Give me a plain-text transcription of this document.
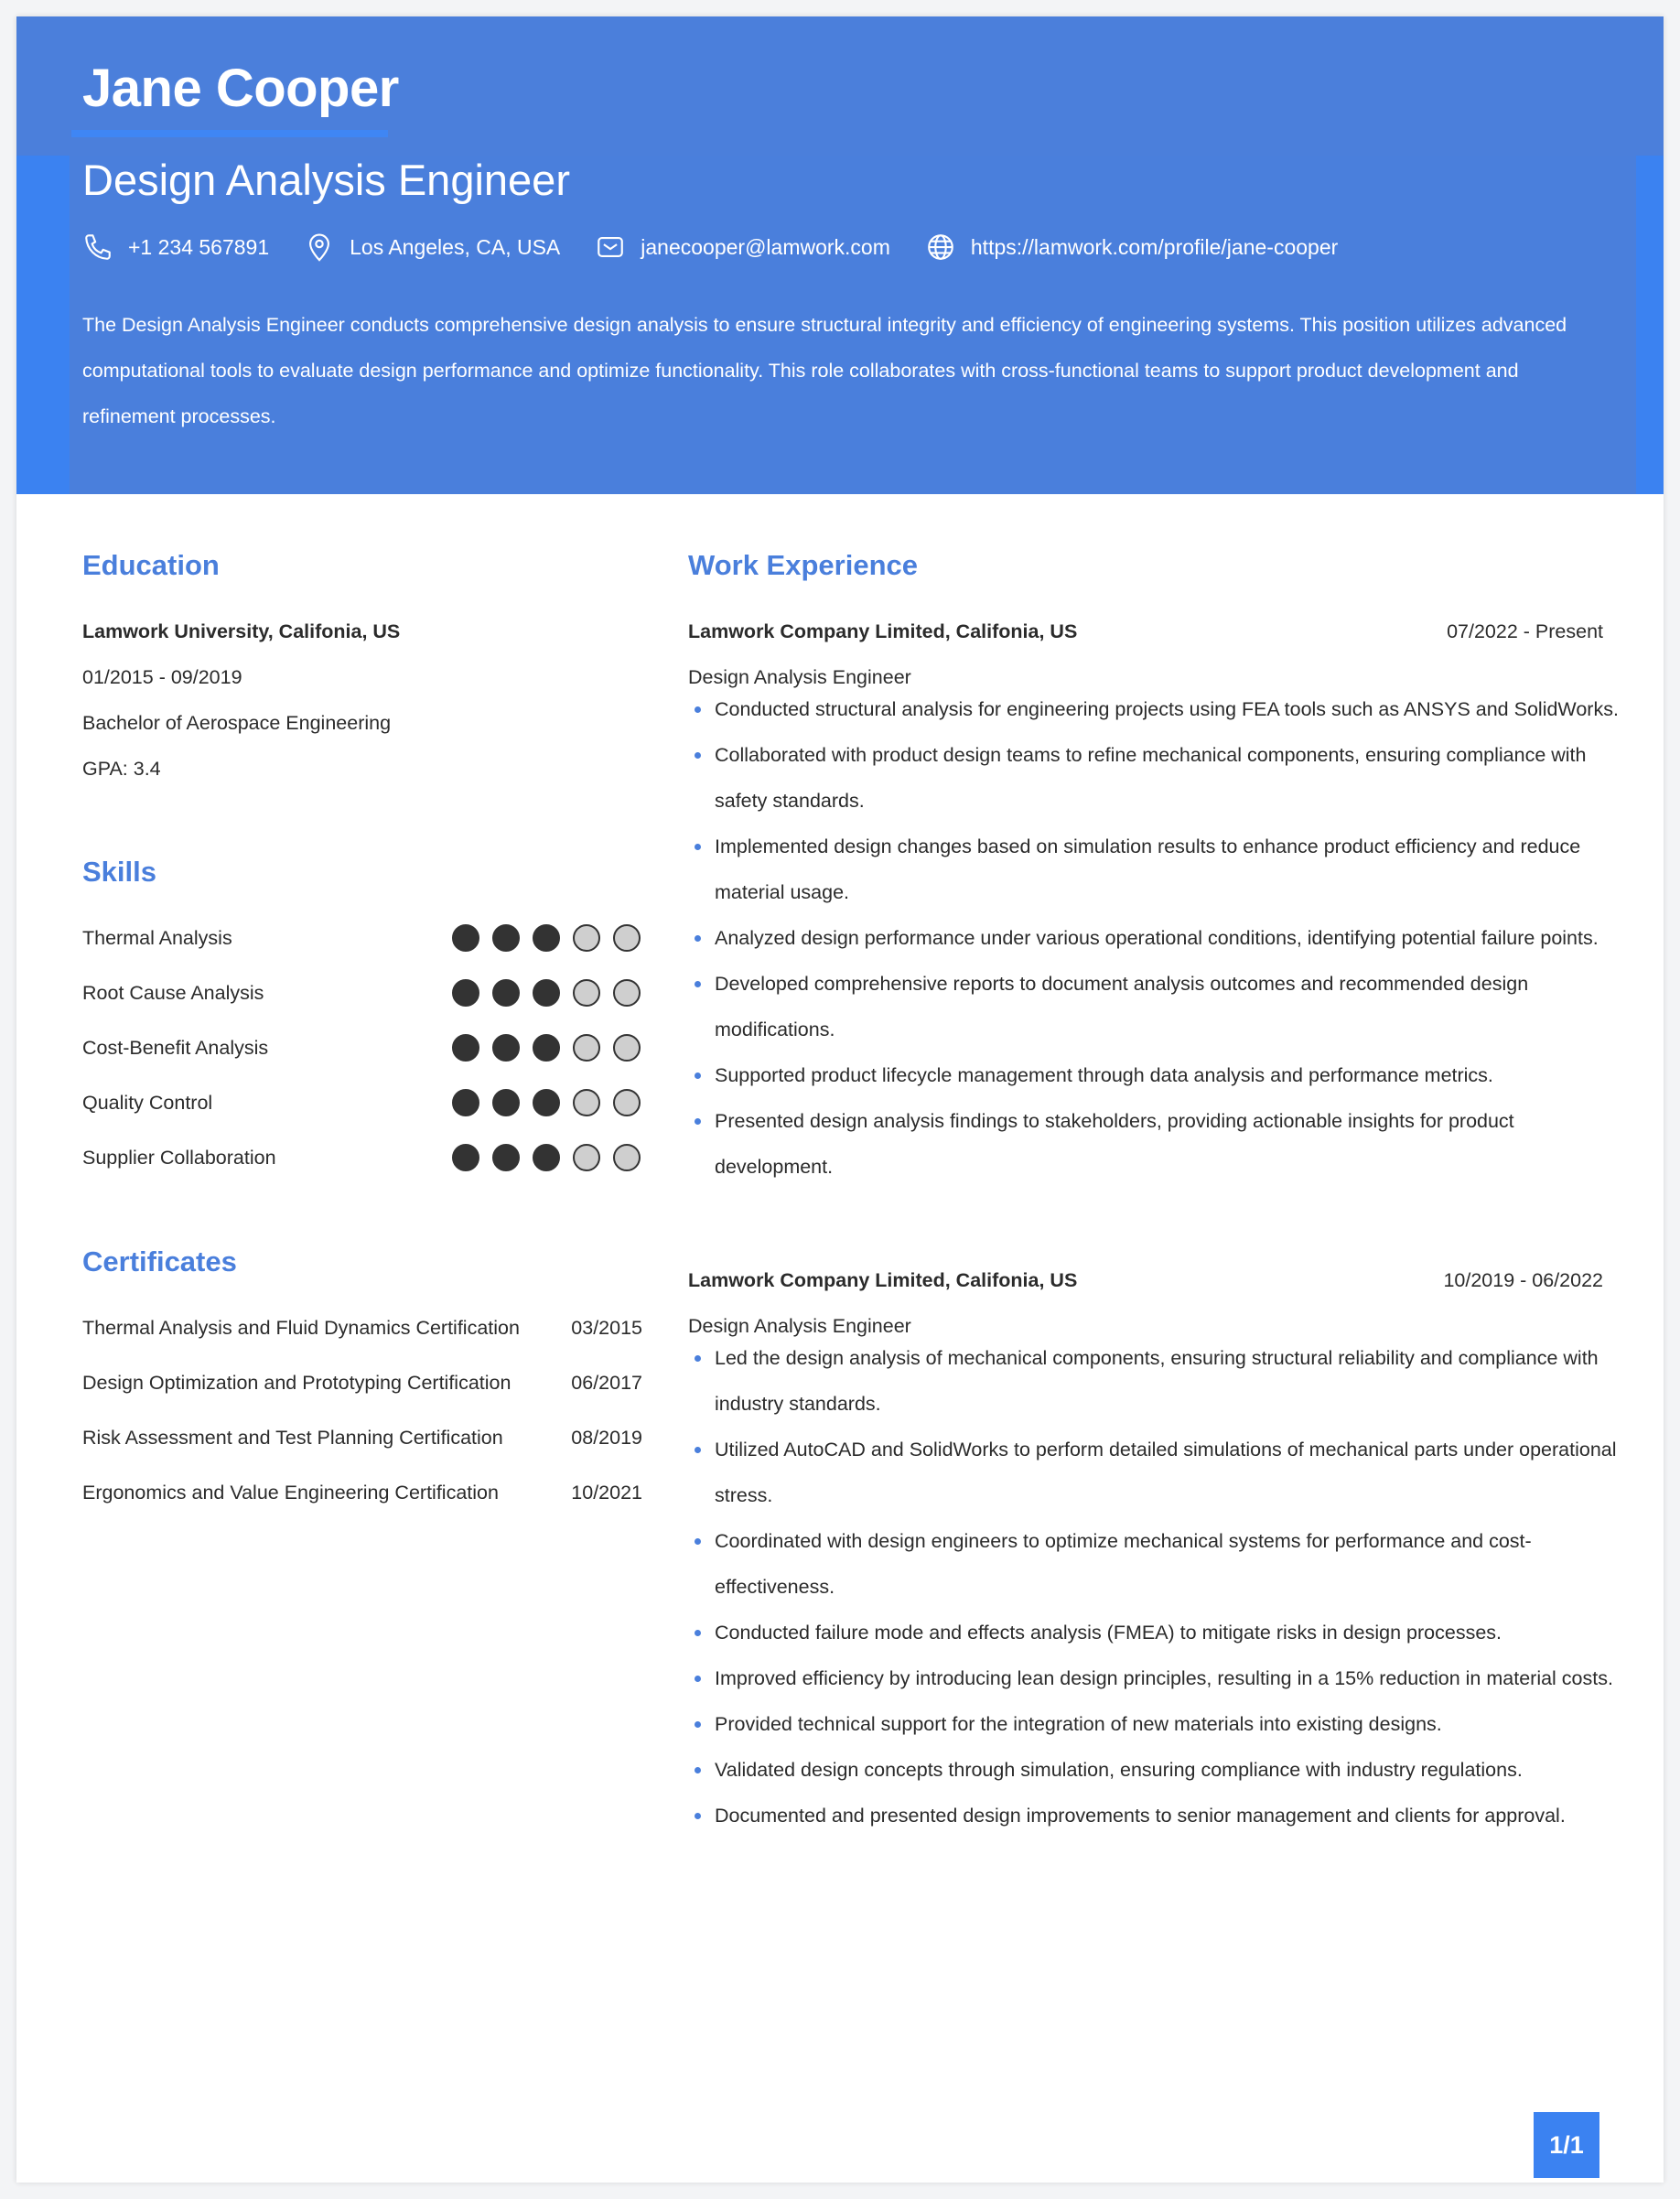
Jane Cooper
Design Analysis Engineer
+1 234 567891	Los Angeles, CA, USA	janecooper@lamwork.com	https://lamwork.com/profile/jane-cooper
The Design Analysis Engineer conducts comprehensive design analysis to ensure structural integrity and efficiency of engineering systems. This position utilizes advanced computational tools to evaluate design performance and optimize functionality. This role collaborates with cross-functional teams to support product development and refinement processes.
Education
Lamwork University, Califonia, US
01/2015 - 09/2019
Bachelor of Aerospace Engineering
GPA: 3.4
Skills
Certificates
Work Experience
Lamwork Company Limited, Califonia, US	07/2022 - Present
Design Analysis Engineer
Conducted structural analysis for engineering projects using FEA tools such as ANSYS and SolidWorks.
Collaborated with product design teams to refine mechanical components, ensuring compliance with safety standards.
Implemented design changes based on simulation results to enhance product efficiency and reduce material usage.
Analyzed design performance under various operational conditions, identifying potential failure points.
Developed comprehensive reports to document analysis outcomes and recommended design modifications.
Supported product lifecycle management through data analysis and performance metrics.
Presented design analysis findings to stakeholders, providing actionable insights for product development.
Lamwork Company Limited, Califonia, US	10/2019 - 06/2022
Design Analysis Engineer
Led the design analysis of mechanical components, ensuring structural reliability and compliance with industry standards.
Utilized AutoCAD and SolidWorks to perform detailed simulations of mechanical parts under operational stress.
Coordinated with design engineers to optimize mechanical systems for performance and cost-effectiveness.
Conducted failure mode and effects analysis (FMEA) to mitigate risks in design processes.
Improved efficiency by introducing lean design principles, resulting in a 15% reduction in material costs.
Provided technical support for the integration of new materials into existing designs.
Validated design concepts through simulation, ensuring compliance with industry regulations.
Documented and presented design improvements to senior management and clients for approval.
1/1
Thermal Analysis
Root Cause Analysis
Cost-Benefit Analysis
Quality Control
Supplier Collaboration
Thermal Analysis and Fluid Dynamics Certification	03/2015
Design Optimization and Prototyping Certification	06/2017
Risk Assessment and Test Planning Certification	08/2019
Ergonomics and Value Engineering Certification	10/2021
